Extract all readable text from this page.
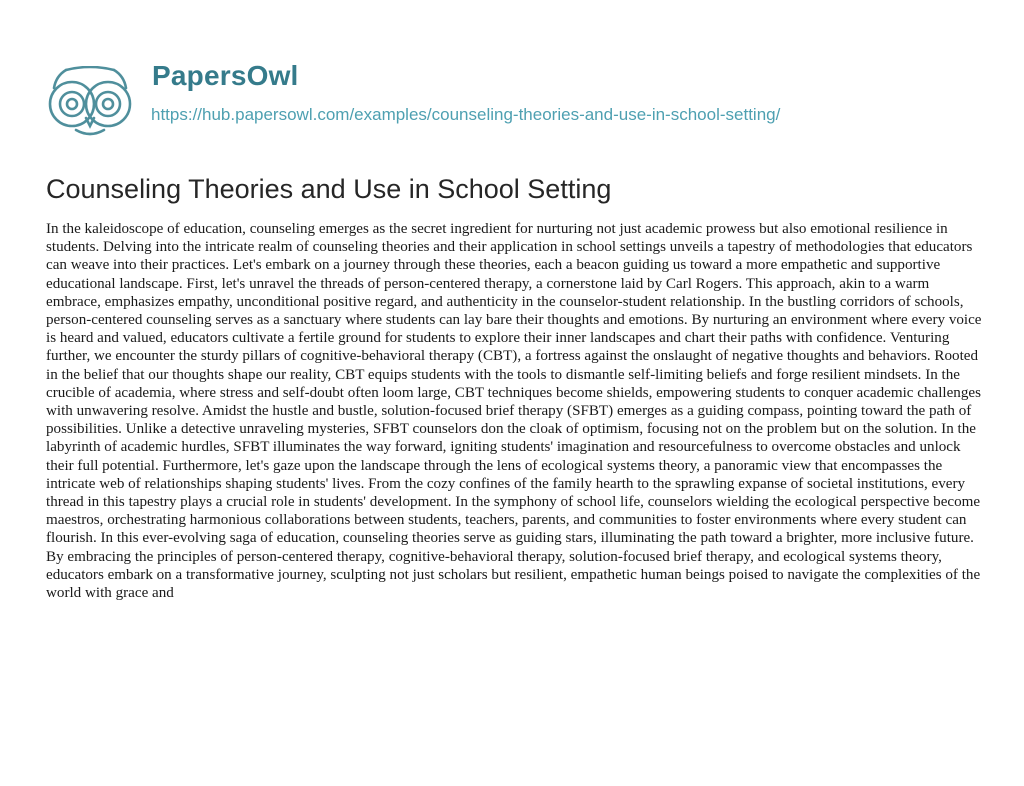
PapersOwl
https://hub.papersowl.com/examples/counseling-theories-and-use-in-school-setting/
Counseling Theories and Use in School Setting

In the kaleidoscope of education, counseling emerges as the secret ingredient for nurturing not just academic prowess but also emotional resilience in students. Delving into the intricate realm of counseling theories and their application in school settings unveils a tapestry of methodologies that educators can weave into their practices. Let's embark on a journey through these theories, each a beacon guiding us toward a more empathetic and supportive educational landscape. First, let's unravel the threads of person-centered therapy, a cornerstone laid by Carl Rogers. This approach, akin to a warm embrace, emphasizes empathy, unconditional positive regard, and authenticity in the counselor-student relationship. In the bustling corridors of schools, person-centered counseling serves as a sanctuary where students can lay bare their thoughts and emotions. By nurturing an environment where every voice is heard and valued, educators cultivate a fertile ground for students to explore their inner landscapes and chart their paths with confidence. Venturing further, we encounter the sturdy pillars of cognitive-behavioral therapy (CBT), a fortress against the onslaught of negative thoughts and behaviors. Rooted in the belief that our thoughts shape our reality, CBT equips students with the tools to dismantle self-limiting beliefs and forge resilient mindsets. In the crucible of academia, where stress and self-doubt often loom large, CBT techniques become shields, empowering students to conquer academic challenges with unwavering resolve. Amidst the hustle and bustle, solution-focused brief therapy (SFBT) emerges as a guiding compass, pointing toward the path of possibilities. Unlike a detective unraveling mysteries, SFBT counselors don the cloak of optimism, focusing not on the problem but on the solution. In the labyrinth of academic hurdles, SFBT illuminates the way forward, igniting students' imagination and resourcefulness to overcome obstacles and unlock their full potential. Furthermore, let's gaze upon the landscape through the lens of ecological systems theory, a panoramic view that encompasses the intricate web of relationships shaping students' lives. From the cozy confines of the family hearth to the sprawling expanse of societal institutions, every thread in this tapestry plays a crucial role in students' development. In the symphony of school life, counselors wielding the ecological perspective become maestros, orchestrating harmonious collaborations between students, teachers, parents, and communities to foster environments where every student can flourish. In this ever-evolving saga of education, counseling theories serve as guiding stars, illuminating the path toward a brighter, more inclusive future. By embracing the principles of person-centered therapy, cognitive-behavioral therapy, solution-focused brief therapy, and ecological systems theory, educators embark on a transformative journey, sculpting not just scholars but resilient, empathetic human beings poised to navigate the complexities of the world with grace and
